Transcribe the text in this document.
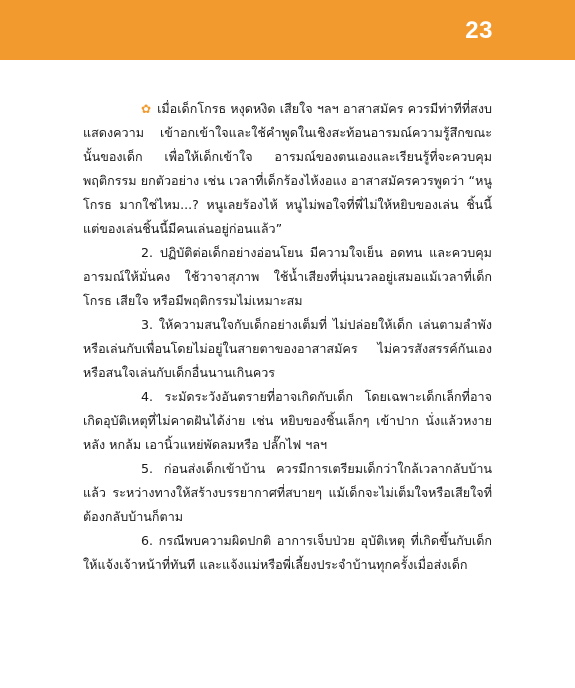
23

✿ เมื่อเด็กโกรธ หงุดหงิด เสียใจ ฯลฯ อาสาสมัคร ควรมีท่าทีที่สงบ แสดงความ เข้าอกเข้าใจและใช้คำพูดในเชิงสะท้อนอารมณ์ความรู้สึกขณะนั้นของเด็ก เพื่อให้เด็กเข้าใจ อารมณ์ของตนเองและเรียนรู้ที่จะควบคุมพฤติกรรม ยกตัวอย่าง เช่น เวลาที่เด็กร้องไห้งอแง อาสาสมัครควรพูดว่า “หนูโกรธ มากใช่ไหม...? หนูเลยร้องไห้ หนูไม่พอใจที่พี่ไม่ให้หยิบของเล่น ชิ้นนี้ แต่ของเล่นชิ้นนี้มีคนเล่นอยู่ก่อนแล้ว”

2. ปฏิบัติต่อเด็กอย่างอ่อนโยน มีความใจเย็น อดทน และควบคุมอารมณ์ให้มั่นคง ใช้วาจาสุภาพ ใช้น้ำเสียงที่นุ่มนวลอยู่เสมอแม้เวลาที่เด็กโกรธ เสียใจ หรือมีพฤติกรรมไม่เหมาะสม

3. ให้ความสนใจกับเด็กอย่างเต็มที่ ไม่ปล่อยให้เด็ก เล่นตามลำพังหรือเล่นกับเพื่อนโดยไม่อยู่ในสายตาของอาสาสมัคร ไม่ควรสังสรรค์กันเองหรือสนใจเล่นกับเด็กอื่นนานเกินควร

4. ระมัดระวังอันตรายที่อาจเกิดกับเด็ก โดยเฉพาะเด็กเล็กที่อาจเกิดอุบัติเหตุที่ไม่คาดฝันได้ง่าย เช่น หยิบของชิ้นเล็กๆ เข้าปาก นั่งแล้วหงายหลัง หกล้ม เอานิ้วแหย่พัดลมหรือ ปลั๊กไฟ ฯลฯ

5. ก่อนส่งเด็กเข้าบ้าน ควรมีการเตรียมเด็กว่าใกล้เวลากลับบ้านแล้ว ระหว่างทางให้สร้างบรรยากาศที่สบายๆ แม้เด็กจะไม่เต็มใจหรือเสียใจที่ต้องกลับบ้านก็ตาม

6. กรณีพบความผิดปกติ อาการเจ็บป่วย อุบัติเหตุ ที่เกิดขึ้นกับเด็ก ให้แจ้งเจ้าหน้าที่ทันที และแจ้งแม่หรือพี่เลี้ยงประจำบ้านทุกครั้งเมื่อส่งเด็ก
